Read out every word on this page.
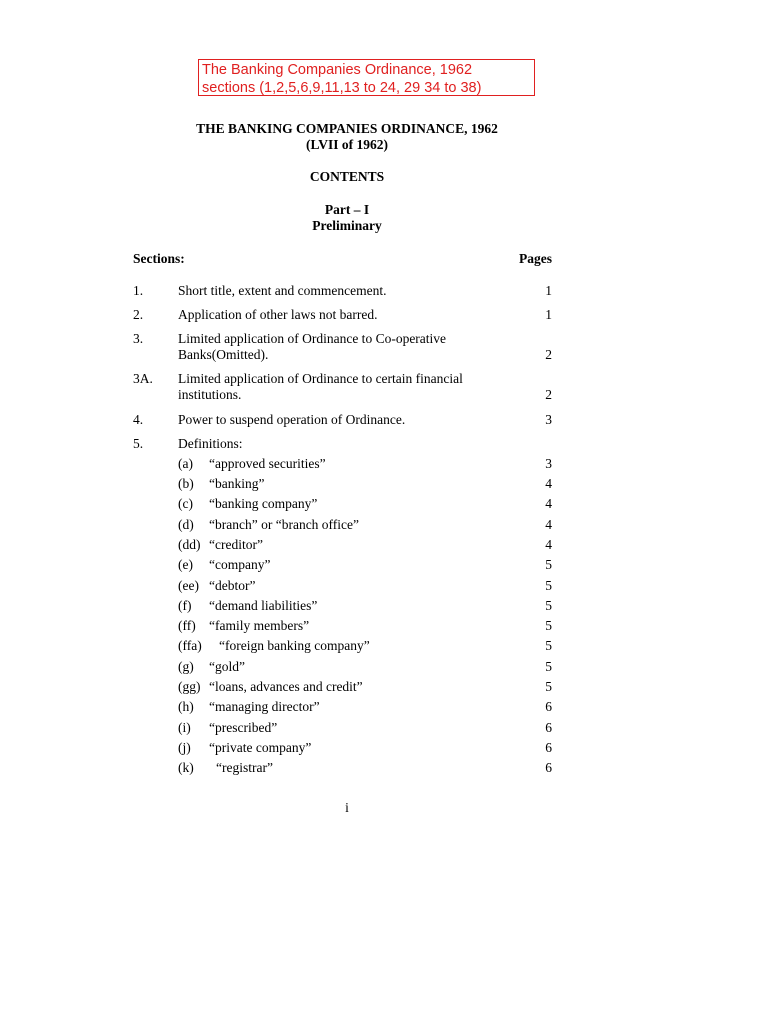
The Banking Companies Ordinance, 1962
sections (1,2,5,6,9,11,13 to 24, 29 34 to 38)
THE BANKING COMPANIES ORDINANCE, 1962
(LVII of 1962)
CONTENTS
Part – I
Preliminary
Sections:	Pages
1.	Short title, extent and commencement.	1
2.	Application of other laws not barred.	1
3.	Limited application of Ordinance to Co-operative
Banks(Omitted).	2
3A. Limited application of Ordinance to certain financial
institutions.	2
4.	Power to suspend operation of Ordinance.	3
5.	Definitions:
(a) “approved securities”	3
(b) “banking”	4
(c) “banking company”	4
(d) “branch” or “branch office”	4
(dd) “creditor”	4
(e) “company”	5
(ee) “debtor”	5
(f) “demand liabilities”	5
(ff) “family members”	5
(ffa) “foreign banking company”	5
(g) “gold”	5
(gg) “loans, advances and credit”	5
(h) “managing director”	6
(i) “prescribed”	6
(j) “private company”	6
(k) “registrar”	6
i
